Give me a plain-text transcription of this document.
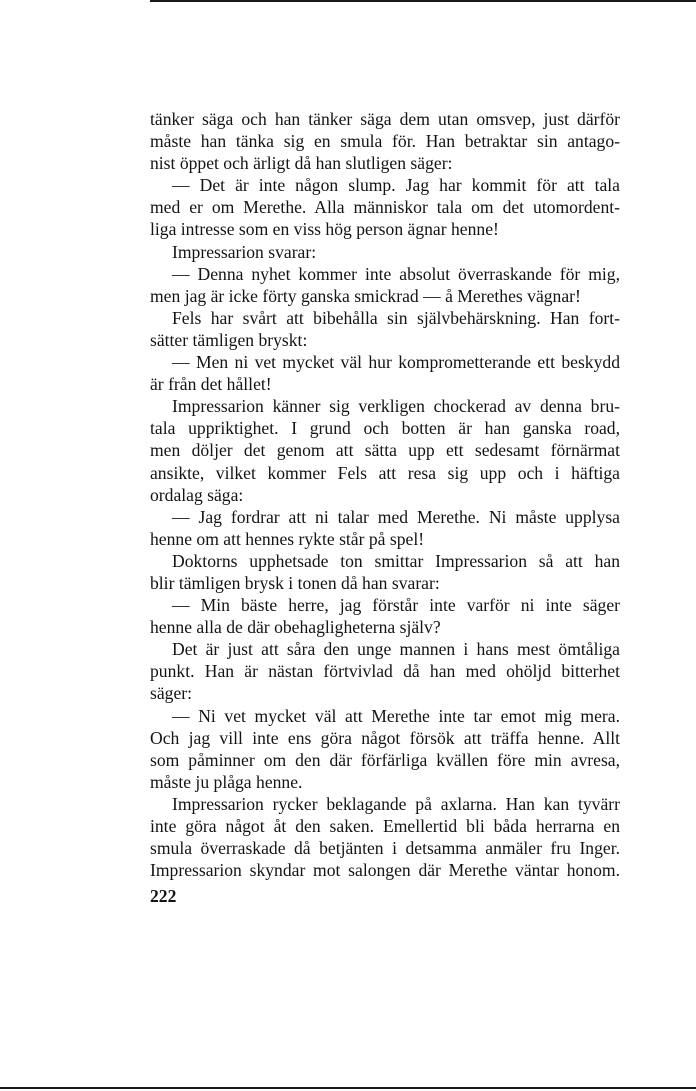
tänker säga och han tänker säga dem utan omsvep, just därför
måste han tänka sig en smula för. Han betraktar sin antago-
nist öppet och ärligt då han slutligen säger:
— Det är inte någon slump. Jag har kommit för att tala
med er om Merethe. Alla människor tala om det utomordent-
liga intresse som en viss hög person ägnar henne!
Impressarion svarar:
— Denna nyhet kommer inte absolut överraskande för mig,
men jag är icke förty ganska smickrad — å Merethes vägnar!
Fels har svårt att bibehålla sin självbehärskning. Han fort-
sätter tämligen bryskt:
— Men ni vet mycket väl hur komprometterande ett beskydd
är från det hållet!
Impressarion känner sig verkligen chockerad av denna bru-
tala uppriktighet. I grund och botten är han ganska road,
men döljer det genom att sätta upp ett sedesamt förnärmat
ansikte, vilket kommer Fels att resa sig upp och i häftiga
ordalag säga:
— Jag fordrar att ni talar med Merethe. Ni måste upplysa
henne om att hennes rykte står på spel!
Doktorns upphetsade ton smittar Impressarion så att han
blir tämligen brysk i tonen då han svarar:
— Min bäste herre, jag förstår inte varför ni inte säger
henne alla de där obehagligheterna själv?
Det är just att såra den unge mannen i hans mest ömtåliga
punkt. Han är nästan förtvivlad då han med ohöljd bitterhet
säger:
— Ni vet mycket väl att Merethe inte tar emot mig mera.
Och jag vill inte ens göra något försök att träffa henne. Allt
som påminner om den där förfärliga kvällen före min avresa,
måste ju plåga henne.
Impressarion rycker beklagande på axlarna. Han kan tyvärr
inte göra något åt den saken. Emellertid bli båda herrarna en
smula överraskade då betjänten i detsamma anmäler fru Inger.
Impressarion skyndar mot salongen där Merethe väntar honom.
222
